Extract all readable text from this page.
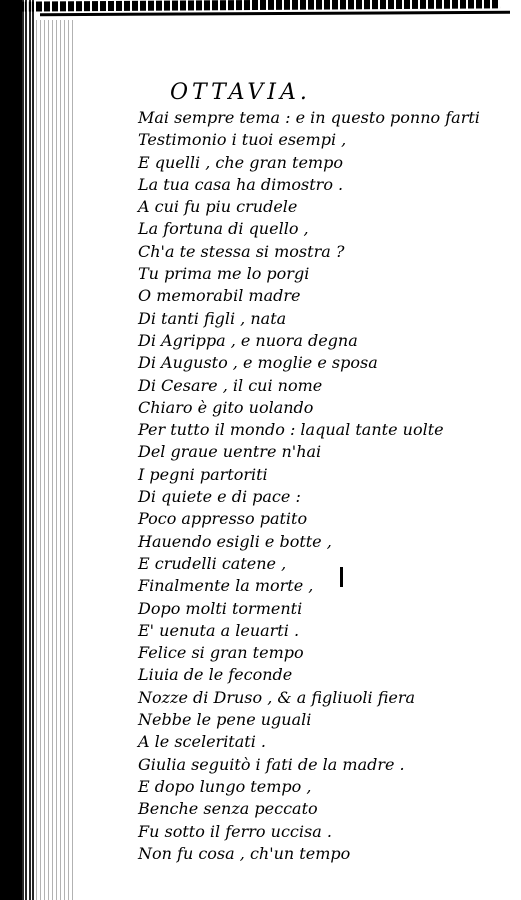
OTTAVIA.
Mai sempre tema : e in questo ponno farti
Testimonio i tuoi esempi ,
E quelli , che gran tempo
La tua casa ha dimostro .
A cui fu piu crudele
La fortuna di quello ,
Ch'a te stessa si mostra ?
Tu prima me lo porgi
O memorabil madre
Di tanti figli , nata
Di Agrippa , e nuora degna
Di Augusto , e moglie e sposa
Di Cesare , il cui nome
Chiaro è gito uolando
Per tutto il mondo : laqual tante uolte
Del graue uentre n'hai
I pegni partoriti
Di quiete e di pace :
Poco appresso patito
Hauendo esigli e botte ,
E crudelli catene ,
Finalmente la morte ,
Dopo molti tormenti
E' uenuta a leuarti .
Felice si gran tempo
Liuia de le feconde
Nozze di Druso , & a figliuoli fiera
Nebbe le pene uguali
A le sceleritati .
Giulia seguitò i fati de la madre .
E dopo lungo tempo ,
Benche senza peccato
Fu sotto il ferro uccisa .
Non fu cosa , ch'un tempo
